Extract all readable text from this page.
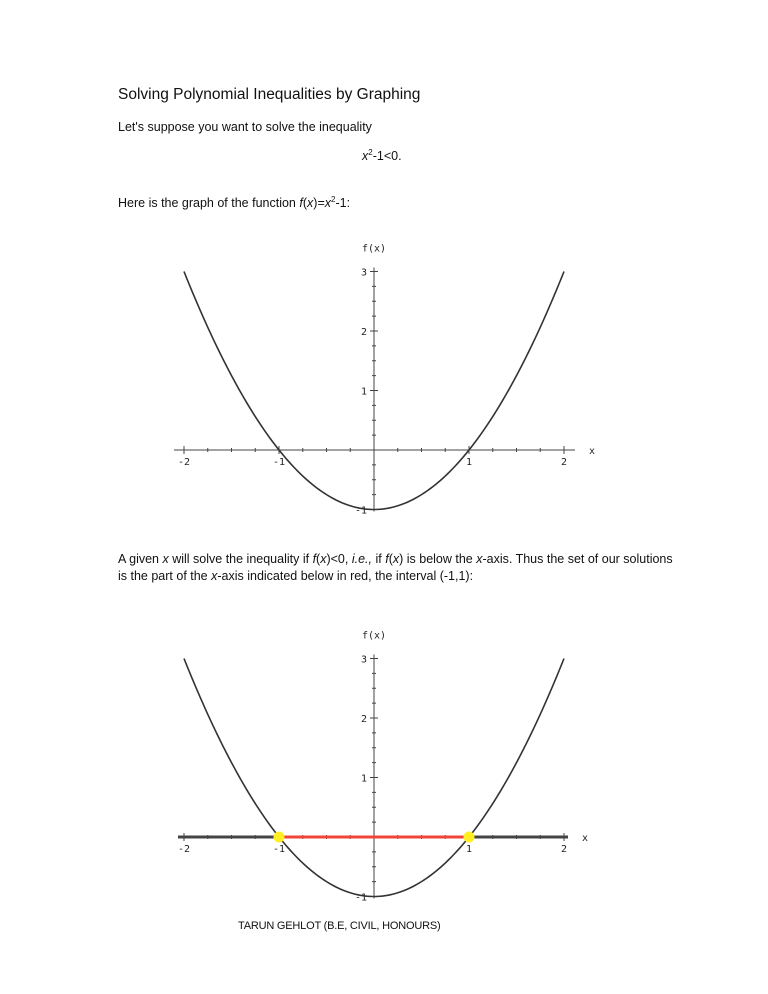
Solving Polynomial Inequalities by Graphing
Let's suppose you want to solve the inequality
$x^2-1<0$.
Here is the graph of the function $f(x)=x^2-1$:
A given x will solve the inequality if f(x)<0, i.e., if f(x) is below the x-axis. Thus the set of our solutions is the part of the x-axis indicated below in red, the interval (-1,1):
-2	-1	1	2
-1
1
2
3
x
f(x)
-2	-1	1	2
-1
1
2
3
x
f(x)
TARUN GEHLOT (B.E, CIVIL, HONOURS)
